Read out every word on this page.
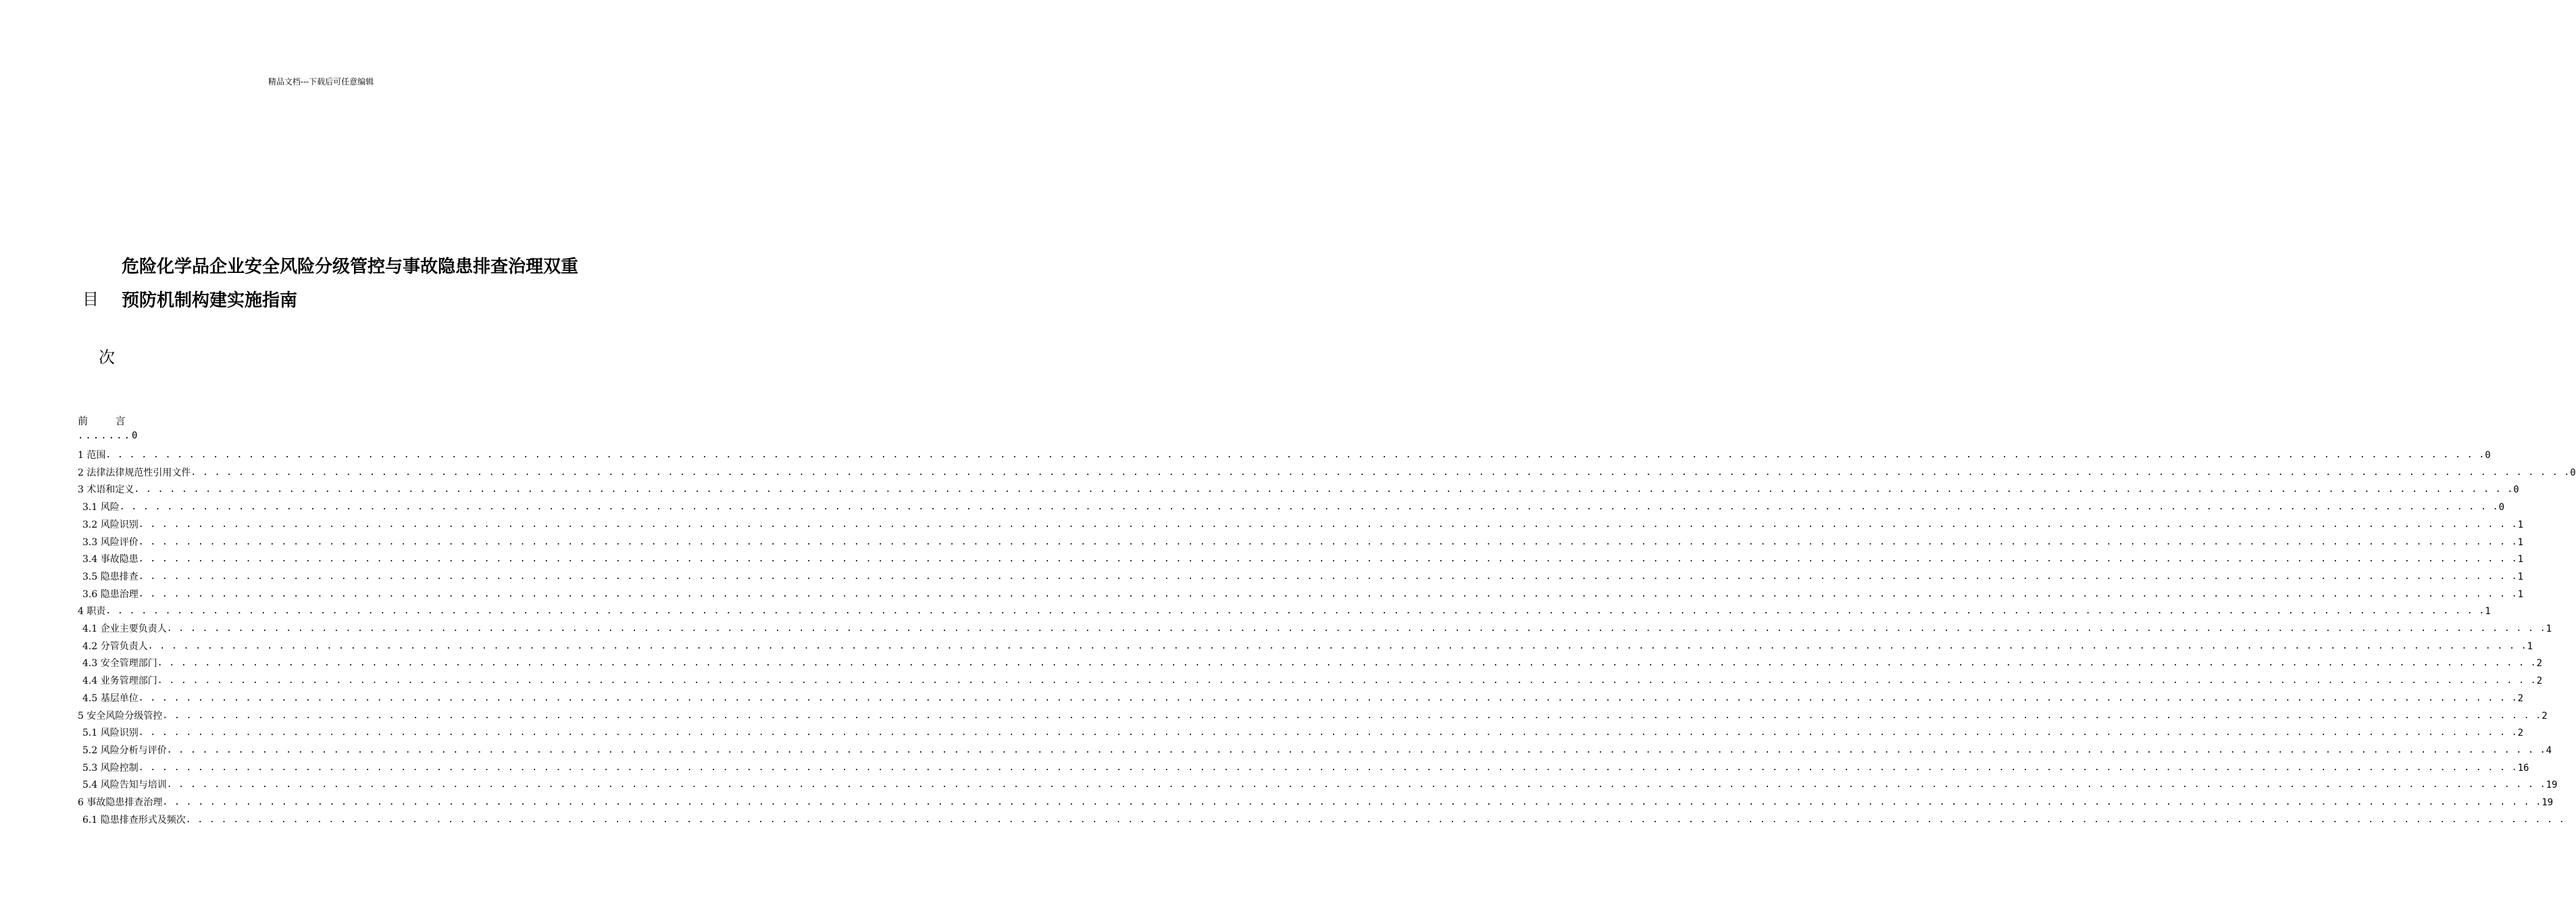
精品文档---下载后可任意编辑
危险化学品企业安全风险分级管控与事故隐患排查治理双重
预防机制构建实施指南
目
次
前 言
.......0
1 范围 . . . . . . . . . . . . . . . . . . . . . . . . . . . . . . . . . . . . . . . . . . . . . . . . . . . . . . . . . . . . . . . . . . . . . . . . . . . . . . . . . . . . . . . . . . . . . . . . . . . . . . . . . . . . . . . . . . . . . . . . . . . . . . . . . . . . . . . . . . . . . . . . . . . . . . . . . . . . . . . . . . . . . . . . . . . . . . . . . . . . . . . . . . . . . . . . . . . . . . . . 0
2 法律法律规范性引用文件 . . . . . . . . . . . . . . . . . . . . . . . . . . . . . . . . . . . . . . . . . . . . . . . . . . . . . . . . . . . . . . . . . . . . . . . . . . . . . . . . . . . . . . . . . . . . . . . . . . . . . . . . . . . . . . . . . . . . . . . . . . . . . . . . . . . . . . . . . . . . . . . . . . . . . . . . . . . . . . . . . . . . . . . . . . . . . . . . . . . . . . . . . . . . . . . . . . . . . . . . 0
3 术语和定义 . . . . . . . . . . . . . . . . . . . . . . . . . . . . . . . . . . . . . . . . . . . . . . . . . . . . . . . . . . . . . . . . . . . . . . . . . . . . . . . . . . . . . . . . . . . . . . . . . . . . . . . . . . . . . . . . . . . . . . . . . . . . . . . . . . . . . . . . . . . . . . . . . . . . . . . . . . . . . . . . . . . . . . . . . . . . . . . . . . . . . . . . . . . . . . . . . . . . . . . . 0
3.1 风险 . . . . . . . . . . . . . . . . . . . . . . . . . . . . . . . . . . . . . . . . . . . . . . . . . . . . . . . . . . . . . . . . . . . . . . . . . . . . . . . . . . . . . . . . . . . . . . . . . . . . . . . . . . . . . . . . . . . . . . . . . . . . . . . . . . . . . . . . . . . . . . . . . . . . . . . . . . . . . . . . . . . . . . . . . . . . . . . . . . . . . . . . . . . . . . . . . . . . . . . . 0
3.2 风险识别 . . . . . . . . . . . . . . . . . . . . . . . . . . . . . . . . . . . . . . . . . . . . . . . . . . . . . . . . . . . . . . . . . . . . . . . . . . . . . . . . . . . . . . . . . . . . . . . . . . . . . . . . . . . . . . . . . . . . . . . . . . . . . . . . . . . . . . . . . . . . . . . . . . . . . . . . . . . . . . . . . . . . . . . . . . . . . . . . . . . . . . . . . . . . . . . . . . . . . . . . 1
3.3 风险评价 . . . . . . . . . . . . . . . . . . . . . . . . . . . . . . . . . . . . . . . . . . . . . . . . . . . . . . . . . . . . . . . . . . . . . . . . . . . . . . . . . . . . . . . . . . . . . . . . . . . . . . . . . . . . . . . . . . . . . . . . . . . . . . . . . . . . . . . . . . . . . . . . . . . . . . . . . . . . . . . . . . . . . . . . . . . . . . . . . . . . . . . . . . . . . . . . . . . . . . . . 1
3.4 事故隐患 . . . . . . . . . . . . . . . . . . . . . . . . . . . . . . . . . . . . . . . . . . . . . . . . . . . . . . . . . . . . . . . . . . . . . . . . . . . . . . . . . . . . . . . . . . . . . . . . . . . . . . . . . . . . . . . . . . . . . . . . . . . . . . . . . . . . . . . . . . . . . . . . . . . . . . . . . . . . . . . . . . . . . . . . . . . . . . . . . . . . . . . . . . . . . . . . . . . . . . . . 1
3.5 隐患排查 . . . . . . . . . . . . . . . . . . . . . . . . . . . . . . . . . . . . . . . . . . . . . . . . . . . . . . . . . . . . . . . . . . . . . . . . . . . . . . . . . . . . . . . . . . . . . . . . . . . . . . . . . . . . . . . . . . . . . . . . . . . . . . . . . . . . . . . . . . . . . . . . . . . . . . . . . . . . . . . . . . . . . . . . . . . . . . . . . . . . . . . . . . . . . . . . . . . . . . . . 1
3.6 隐患治理 . . . . . . . . . . . . . . . . . . . . . . . . . . . . . . . . . . . . . . . . . . . . . . . . . . . . . . . . . . . . . . . . . . . . . . . . . . . . . . . . . . . . . . . . . . . . . . . . . . . . . . . . . . . . . . . . . . . . . . . . . . . . . . . . . . . . . . . . . . . . . . . . . . . . . . . . . . . . . . . . . . . . . . . . . . . . . . . . . . . . . . . . . . . . . . . . . . . . . . . . 1
4 职责 . . . . . . . . . . . . . . . . . . . . . . . . . . . . . . . . . . . . . . . . . . . . . . . . . . . . . . . . . . . . . . . . . . . . . . . . . . . . . . . . . . . . . . . . . . . . . . . . . . . . . . . . . . . . . . . . . . . . . . . . . . . . . . . . . . . . . . . . . . . . . . . . . . . . . . . . . . . . . . . . . . . . . . . . . . . . . . . . . . . . . . . . . . . . . . . . . . . . . . . . 1
4.1 企业主要负责人 . . . . . . . . . . . . . . . . . . . . . . . . . . . . . . . . . . . . . . . . . . . . . . . . . . . . . . . . . . . . . . . . . . . . . . . . . . . . . . . . . . . . . . . . . . . . . . . . . . . . . . . . . . . . . . . . . . . . . . . . . . . . . . . . . . . . . . . . . . . . . . . . . . . . . . . . . . . . . . . . . . . . . . . . . . . . . . . . . . . . . . . . . . . . . . . . . . . . . . . . 1
4.2 分管负责人 . . . . . . . . . . . . . . . . . . . . . . . . . . . . . . . . . . . . . . . . . . . . . . . . . . . . . . . . . . . . . . . . . . . . . . . . . . . . . . . . . . . . . . . . . . . . . . . . . . . . . . . . . . . . . . . . . . . . . . . . . . . . . . . . . . . . . . . . . . . . . . . . . . . . . . . . . . . . . . . . . . . . . . . . . . . . . . . . . . . . . . . . . . . . . . . . . . . . . . . . 1
4.3 安全管理部门 . . . . . . . . . . . . . . . . . . . . . . . . . . . . . . . . . . . . . . . . . . . . . . . . . . . . . . . . . . . . . . . . . . . . . . . . . . . . . . . . . . . . . . . . . . . . . . . . . . . . . . . . . . . . . . . . . . . . . . . . . . . . . . . . . . . . . . . . . . . . . . . . . . . . . . . . . . . . . . . . . . . . . . . . . . . . . . . . . . . . . . . . . . . . . . . . . . . . . . . . 2
4.4 业务管理部门 . . . . . . . . . . . . . . . . . . . . . . . . . . . . . . . . . . . . . . . . . . . . . . . . . . . . . . . . . . . . . . . . . . . . . . . . . . . . . . . . . . . . . . . . . . . . . . . . . . . . . . . . . . . . . . . . . . . . . . . . . . . . . . . . . . . . . . . . . . . . . . . . . . . . . . . . . . . . . . . . . . . . . . . . . . . . . . . . . . . . . . . . . . . . . . . . . . . . . . . . 2
4.5 基层单位 . . . . . . . . . . . . . . . . . . . . . . . . . . . . . . . . . . . . . . . . . . . . . . . . . . . . . . . . . . . . . . . . . . . . . . . . . . . . . . . . . . . . . . . . . . . . . . . . . . . . . . . . . . . . . . . . . . . . . . . . . . . . . . . . . . . . . . . . . . . . . . . . . . . . . . . . . . . . . . . . . . . . . . . . . . . . . . . . . . . . . . . . . . . . . . . . . . . . . . . . 2
5 安全风险分级管控 . . . . . . . . . . . . . . . . . . . . . . . . . . . . . . . . . . . . . . . . . . . . . . . . . . . . . . . . . . . . . . . . . . . . . . . . . . . . . . . . . . . . . . . . . . . . . . . . . . . . . . . . . . . . . . . . . . . . . . . . . . . . . . . . . . . . . . . . . . . . . . . . . . . . . . . . . . . . . . . . . . . . . . . . . . . . . . . . . . . . . . . . . . . . . . . . . . . . . . . . 2
5.1 风险识别 . . . . . . . . . . . . . . . . . . . . . . . . . . . . . . . . . . . . . . . . . . . . . . . . . . . . . . . . . . . . . . . . . . . . . . . . . . . . . . . . . . . . . . . . . . . . . . . . . . . . . . . . . . . . . . . . . . . . . . . . . . . . . . . . . . . . . . . . . . . . . . . . . . . . . . . . . . . . . . . . . . . . . . . . . . . . . . . . . . . . . . . . . . . . . . . . . . . . . . . . 2
5.2 风险分析与评价 . . . . . . . . . . . . . . . . . . . . . . . . . . . . . . . . . . . . . . . . . . . . . . . . . . . . . . . . . . . . . . . . . . . . . . . . . . . . . . . . . . . . . . . . . . . . . . . . . . . . . . . . . . . . . . . . . . . . . . . . . . . . . . . . . . . . . . . . . . . . . . . . . . . . . . . . . . . . . . . . . . . . . . . . . . . . . . . . . . . . . . . . . . . . . . . . . . . . . . . . 4
5.3 风险控制 . . . . . . . . . . . . . . . . . . . . . . . . . . . . . . . . . . . . . . . . . . . . . . . . . . . . . . . . . . . . . . . . . . . . . . . . . . . . . . . . . . . . . . . . . . . . . . . . . . . . . . . . . . . . . . . . . . . . . . . . . . . . . . . . . . . . . . . . . . . . . . . . . . . . . . . . . . . . . . . . . . . . . . . . . . . . . . . . . . . . . . . . . . . . . . . . . . . . . . . . 16
5.4 风险告知与培训 . . . . . . . . . . . . . . . . . . . . . . . . . . . . . . . . . . . . . . . . . . . . . . . . . . . . . . . . . . . . . . . . . . . . . . . . . . . . . . . . . . . . . . . . . . . . . . . . . . . . . . . . . . . . . . . . . . . . . . . . . . . . . . . . . . . . . . . . . . . . . . . . . . . . . . . . . . . . . . . . . . . . . . . . . . . . . . . . . . . . . . . . . . . . . . . . . . . . . . . . 19
6 事故隐患排查治理 . . . . . . . . . . . . . . . . . . . . . . . . . . . . . . . . . . . . . . . . . . . . . . . . . . . . . . . . . . . . . . . . . . . . . . . . . . . . . . . . . . . . . . . . . . . . . . . . . . . . . . . . . . . . . . . . . . . . . . . . . . . . . . . . . . . . . . . . . . . . . . . . . . . . . . . . . . . . . . . . . . . . . . . . . . . . . . . . . . . . . . . . . . . . . . . . . . . . . . . . 19
6.1 隐患排查形式及频次 . . . . . . . . . . . . . . . . . . . . . . . . . . . . . . . . . . . . . . . . . . . . . . . . . . . . . . . . . . . . . . . . . . . . . . . . . . . . . . . . . . . . . . . . . . . . . . . . . . . . . . . . . . . . . . . . . . . . . . . . . . . . . . . . . . . . . . . . . . . . . . . . . . . . . . . . . . . . . . . . . . . . . . . . . . . . . . . . . . . . . . . . . . . . . . . . . . . . . . . .
